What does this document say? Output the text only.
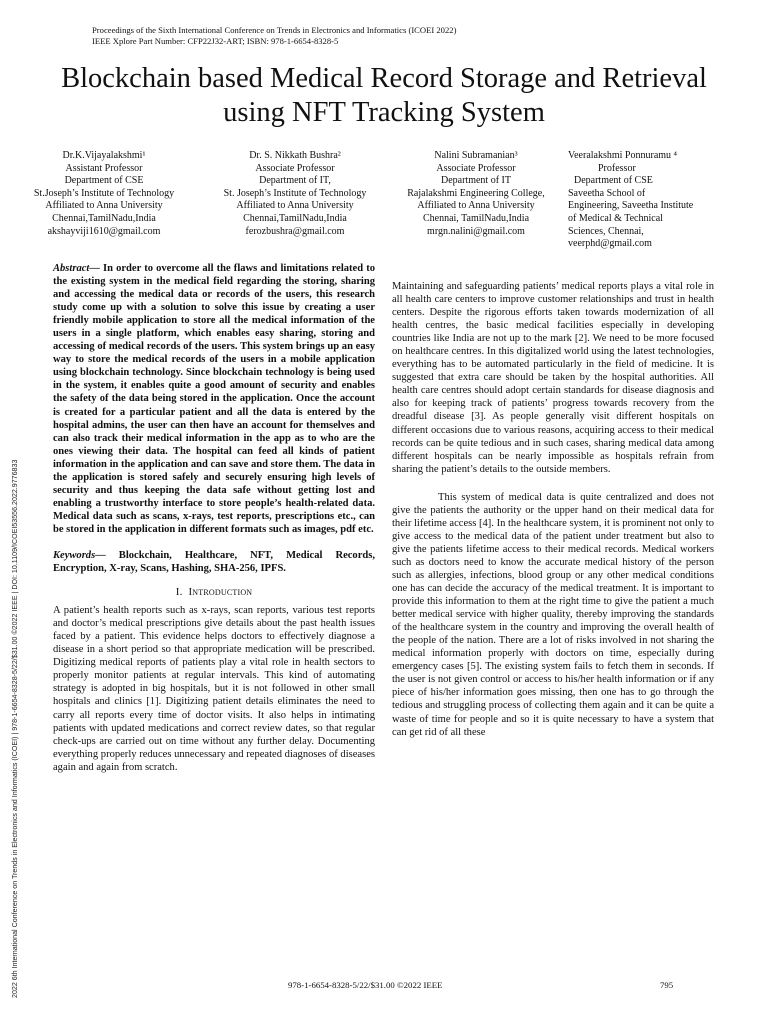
Proceedings of the Sixth International Conference on Trends in Electronics and Informatics (ICOEI 2022)
IEEE Xplore Part Number: CFP22J32-ART; ISBN: 978-1-6654-8328-5
Blockchain based Medical Record Storage and Retrieval using NFT Tracking System
Dr.K.Vijayalakshmi¹
Assistant Professor
Department of CSE
St.Joseph’s Institute of Technology
Affiliated to Anna University
Chennai,TamilNadu,India
akshayviji1610@gmail.com
Dr. S. Nikkath Bushra²
Associate Professor
Department of IT,
St. Joseph’s Institute of Technology
Affiliated to Anna University
Chennai,TamilNadu,India
ferozbushra@gmail.com
Nalini Subramanian³
Associate Professor
Department of IT
Rajalakshmi Engineering College,
Affiliated to Anna University
Chennai, TamilNadu,India
mrgn.nalini@gmail.com
Veeralakshmi Ponnuramu ⁴
Professor
Department of CSE
Saveetha School of
Engineering, Saveetha Institute
of Medical & Technical
Sciences, Chennai,
veerphd@gmail.com
2022 6th International Conference on Trends in Electronics and Informatics (ICOEI) | 978-1-6654-8328-5/22/$31.00 ©2022 IEEE | DOI: 10.1109/ICOEI53556.2022.9776833

Abstract— In order to overcome all the flaws and limitations related to the existing system in the medical field regarding the storing, sharing and accessing the medical data or records of the users, this research study come up with a solution to solve this issue by creating a user friendly mobile application to store all the medical information of the users in a single platform, which enables easy sharing, storing and accessing of medical records of the users. This system brings up an easy way to store the medical records of the users in a mobile application using blockchain technology. Since blockchain technology is being used in the system, it enables quite a good amount of security and enables the safety of the data being stored in the application. Once the account is created for a particular patient and all the data is entered by the hospital admins, the user can then have an account for themselves and can also track their medical information in the app as to who are the ones viewing their data. The hospital can feed all kinds of patient information in the application and can save and store them. The data in the application is stored safely and securely ensuring high levels of security and thus keeping the data safe without getting lost and enabling a trustworthy interface to store people’s health-related data. Medical data such as scans, x-rays, test reports, prescriptions etc., can be stored in the application in different formats such as images, pdf etc.

Keywords— Blockchain, Healthcare, NFT, Medical Records, Encryption, X-ray, Scans, Hashing, SHA-256, IPFS.

I. Introduction

A patient’s health reports such as x-rays, scan reports, various test reports and doctor’s medical prescriptions give details about the past health issues faced by a patient. This evidence helps doctors to effectively diagnose a disease in a short period so that appropriate medication will be prescribed. Digitizing medical reports of patients play a vital role in health sectors to properly monitor patients at regular intervals. This kind of automating strategy is adopted in big hospitals, but it is not followed in other small hospitals and clinics [1]. Digitizing patient details eliminates the need to carry all reports every time of doctor visits. It also helps in intimating patients with updated medications and correct review dates, so that regular check-ups are carried out on time without any further delay. Documenting everything properly reduces unnecessary and repeated diagnoses of diseases again and again from scratch.

Maintaining and safeguarding patients’ medical reports plays a vital role in all health care centers to improve customer relationships and trust in health centers. Despite the rigorous efforts taken towards modernization of all health centres, the basic medical facilities especially in developing countries like India are not up to the mark [2]. We need to be more focused on healthcare centres. In this digitalized world using the latest technologies, everything has to be automated particularly in the field of medicine. It is suggested that extra care should be taken by the hospital authorities. All health care centres should adopt certain standards for disease diagnosis and also for keeping track of patients’ progress towards recovery from the dreadful disease [3]. As people generally visit different hospitals on different occasions due to various reasons, acquiring access to their medical records can be quite tedious and in such cases, sharing medical data among different hospitals can be nearly impossible as hospitals refrain from sharing the patient’s details to the outside members.

This system of medical data is quite centralized and does not give the patients the authority or the upper hand on their medical data for their lifetime access [4]. In the healthcare system, it is prominent not only to give access to the medical data of the patient under treatment but also to give the patients lifetime access to their medical records. Medical workers such as doctors need to know the accurate medical history of the person such as allergies, infections, blood group or any other medical conditions one has can decide the accuracy of the medical treatment. It is important to provide this information to them at the right time to give the patient a much better medical service with higher quality, thereby improving the standards of the healthcare system in the country and improving the overall health of the people of the nation. There are a lot of risks involved in not sharing the medical information properly with doctors on time, especially during emergency cases [5]. The existing system fails to fetch them in seconds. If the user is not given control or access to his/her health information or if any piece of his/her information goes missing, then one has to go through the tedious and struggling process of collecting them again and it can be quite a waste of time for people and so it is quite necessary to have a system that can get rid of all these

978-1-6654-8328-5/22/$31.00 ©2022 IEEE	795
